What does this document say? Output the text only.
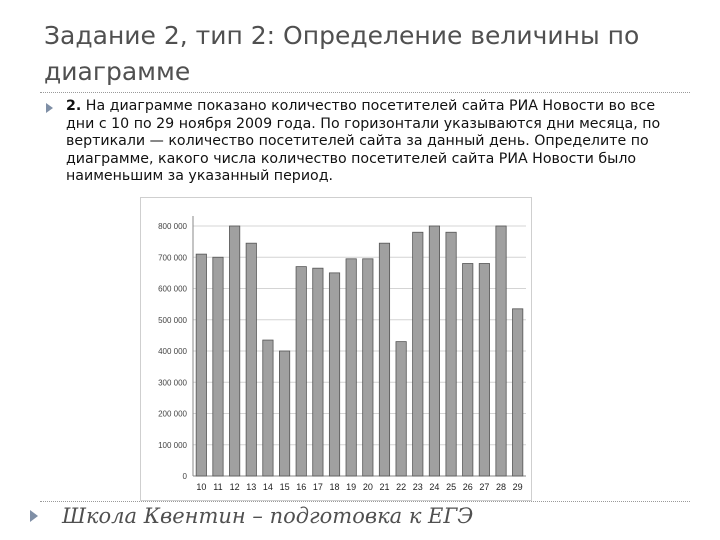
Задание 2, тип 2: Определение величины по диаграмме
2. На диаграмме показано количество посетителей сайта РИА Новости во все дни с 10 по 29 ноября 2009 года. По горизонтали указываются дни месяца, по вертикали — количество посетителей сайта за данный день. Определите по диаграмме, какого числа количество посетителей сайта РИА Новости было наименьшим за указанный период.
0
100 000
200 000
300 000
400 000
500 000
600 000
700 000
800 000
10 11 12 13 14 15 16 17 18 19 20 21 22 23 24 25 26 27 28 29
Школа Квентин – подготовка к ЕГЭ
